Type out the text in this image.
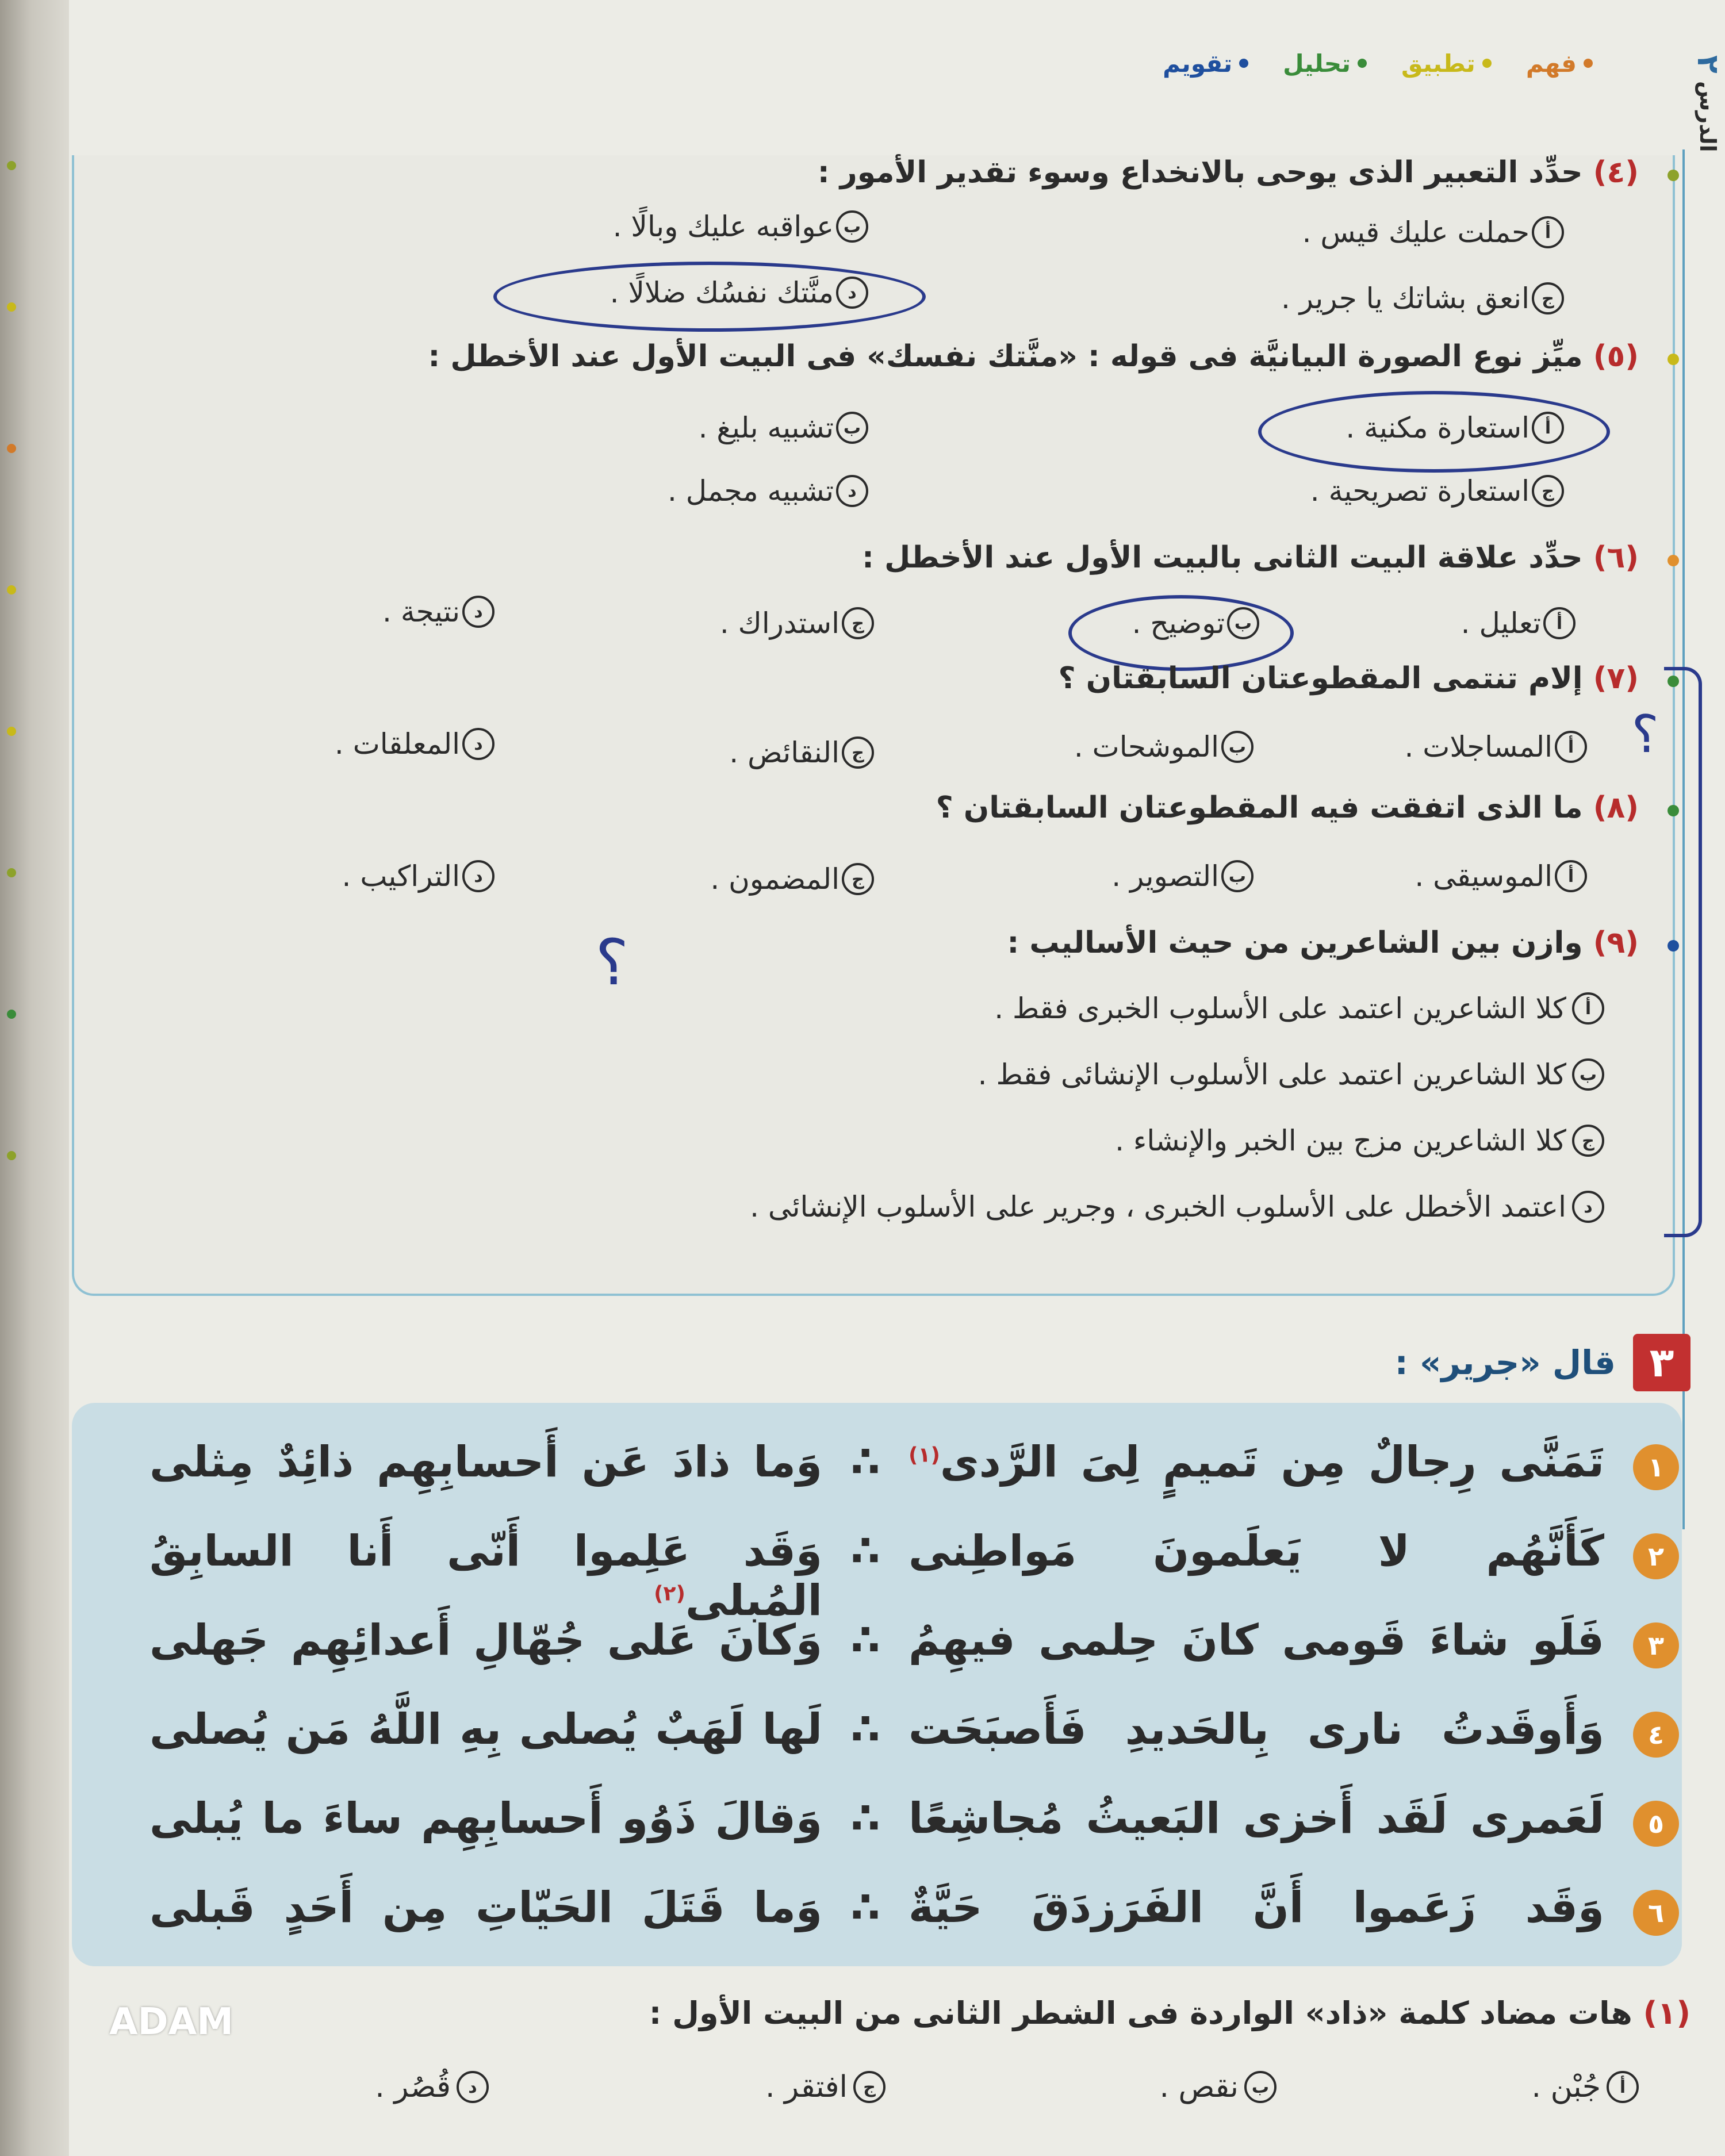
الدرس ٢
فهم
تطبيق
تحليل
تقويم
(٤) حدِّد التعبير الذى يوحى بالانخداع وسوء تقدير الأمور :
أ
حملت عليك قيس .
ب
عواقبه عليك وبالًا .
ج
انعق بشاتك يا جرير .
د
منَّتك نفسُك ضلالًا .
(٥) ميِّز نوع الصورة البيانيَّة فى قوله : «منَّتك نفسك» فى البيت الأول عند الأخطل :
أ
استعارة مكنية .
ب
تشبيه بليغ .
ج
استعارة تصريحية .
د
تشبيه مجمل .
(٦) حدِّد علاقة البيت الثانى بالبيت الأول عند الأخطل :
أ
تعليل .
ب
توضيح .
ج
استدراك .
د
نتيجة .
(٧) إلام تنتمى المقطوعتان السابقتان ؟
أ
المساجلات .
ب
الموشحات .
ج
النقائض .
د
المعلقات .	؟
(٨) ما الذى اتفقت فيه المقطوعتان السابقتان ؟
أ
الموسيقى .
ب
التصوير .
ج
المضمون .
د
التراكيب .
(٩) وازن بين الشاعرين من حيث الأساليب :
أ
كلا الشاعرين اعتمد على الأسلوب الخبرى فقط .
ب
كلا الشاعرين اعتمد على الأسلوب الإنشائى فقط .
ج
كلا الشاعرين مزج بين الخبر والإنشاء .
د
اعتمد الأخطل على الأسلوب الخبرى ، وجرير على الأسلوب الإنشائى .
؟
٣
قال «جرير» :
١
تَمَنَّى رِجالٌ مِن تَميمٍ لِىَ الرَّدى$^{(١)}$
∴
وَما ذادَ عَن أَحسابِهِم ذائِدٌ مِثلى
٢
كَأَنَّهُم لا يَعلَمونَ مَواطِنى
∴
وَقَد عَلِموا أَنّى أَنا السابِقُ المُبلى$^{(٢)}$
٣
فَلَو شاءَ قَومى كانَ حِلمى فيهِمُ
∴
وَكانَ عَلى جُهّالِ أَعدائِهِم جَهلى
٤
وَأَوقَدتُ نارى بِالحَديدِ فَأَصبَحَت
∴
لَها لَهَبٌ يُصلى بِهِ اللَّهُ مَن يُصلى
٥
لَعَمرى لَقَد أَخزى البَعيثُ مُجاشِعًا
∴
وَقالَ ذَوُو أَحسابِهِم ساءَ ما يُبلى
٦
وَقَد زَعَموا أَنَّ الفَرَزدَقَ حَيَّةٌ
∴
وَما قَتَلَ الحَيّاتِ مِن أَحَدٍ قَبلى
ADAM	(١) هات مضاد كلمة «ذاد» الواردة فى الشطر الثانى من البيت الأول :
أ
جُبْن .
ب
نقص .
ج
افتقر .
د
قُصُر .
